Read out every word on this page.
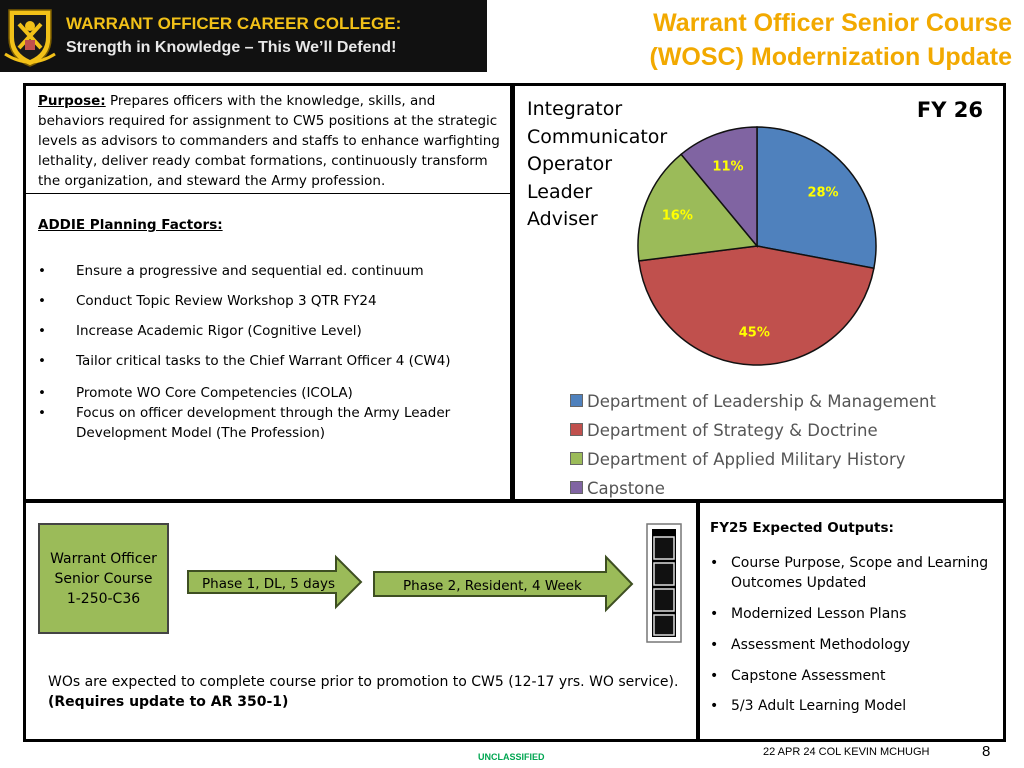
WARRANT OFFICER CAREER COLLEGE:
Strength in Knowledge – This We’ll Defend!
Warrant Officer Senior Course
(WOSC) Modernization Update
Purpose: Prepares officers with the knowledge, skills, and behaviors required for assignment to CW5 positions at the strategic levels as advisors to commanders and staffs to enhance warfighting lethality, deliver ready combat formations, continuously transform the organization, and steward the Army profession.
ADDIE Planning Factors:
• Ensure a progressive and sequential ed. continuum
• Conduct Topic Review Workshop 3 QTR FY24
• Increase Academic Rigor (Cognitive Level)
• Tailor critical tasks to the Chief Warrant Officer 4 (CW4)
• Promote WO Core Competencies (ICOLA)
• Focus on officer development through the Army Leader Development Model (The Profession)
Integrator
Communicator
Operator
Leader
Adviser
FY 26
28%
45%
16%
11%
Department of Leadership & Management
Department of Strategy & Doctrine
Department of Applied Military History
Capstone
Warrant Officer
Senior Course
1-250-C36
Phase 1, DL, 5 days	Phase 2, Resident, 4 Week
WOs are expected to complete course prior to promotion to CW5 (12-17 yrs. WO service).
(Requires update to AR 350-1)
FY25 Expected Outputs:
• Course Purpose, Scope and Learning Outcomes Updated
• Modernized Lesson Plans
• Assessment Methodology
• Capstone Assessment
• 5/3 Adult Learning Model
UNCLASSIFIED	22 APR 24 COL KEVIN MCHUGH	8
